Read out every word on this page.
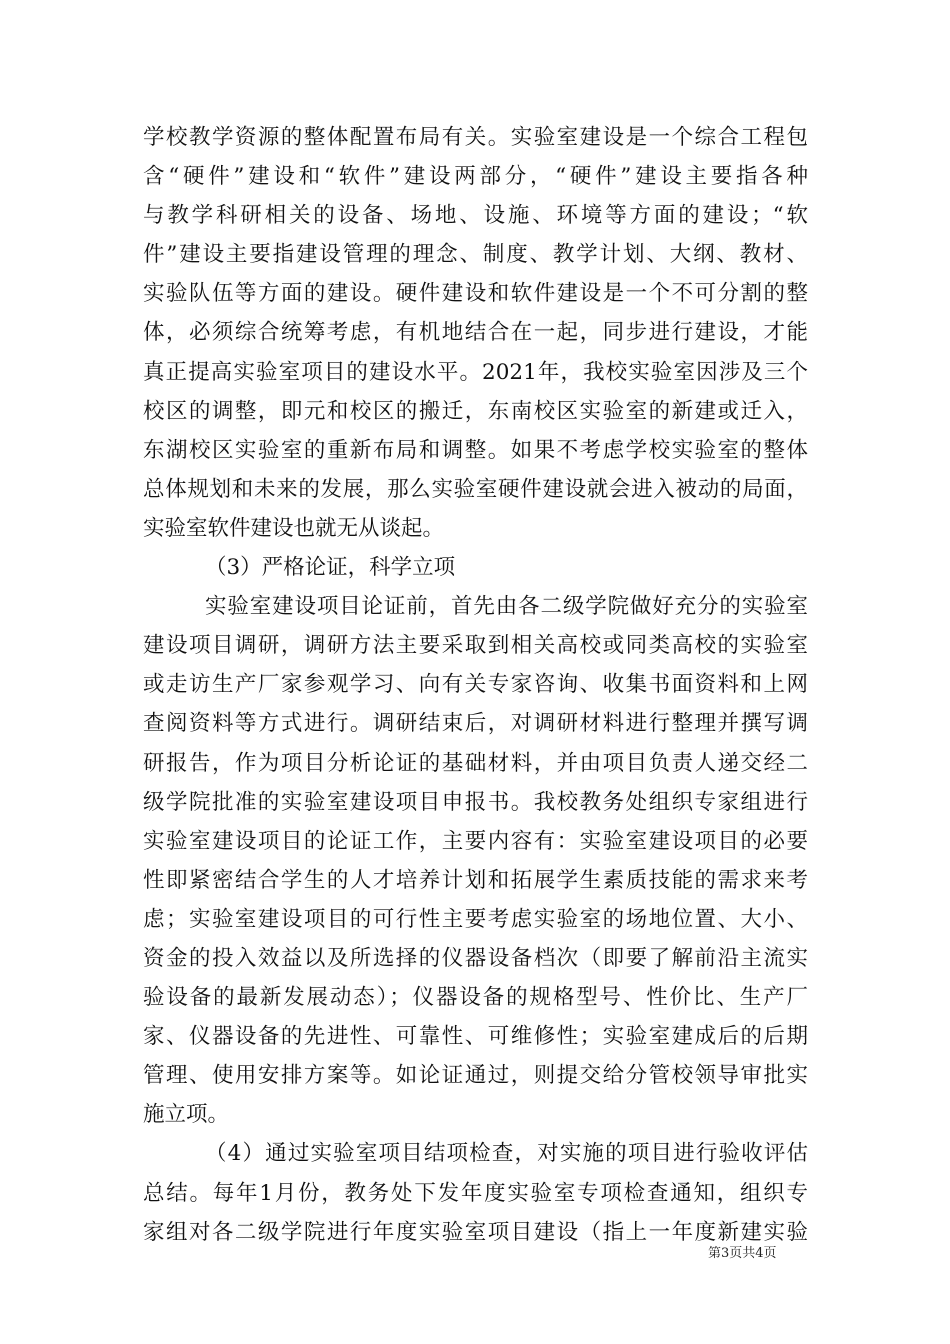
学校教学资源的整体配置布局有关。实验室建设是一个综合工程包
含“硬件”建设和“软件”建设两部分，“硬件”建设主要指各种
与教学科研相关的设备、场地、设施、环境等方面的建设；“软
件”建设主要指建设管理的理念、制度、教学计划、大纲、教材、
实验队伍等方面的建设。硬件建设和软件建设是一个不可分割的整
体，必须综合统筹考虑，有机地结合在一起，同步进行建设，才能
真正提高实验室项目的建设水平。2021年，我校实验室因涉及三个
校区的调整，即元和校区的搬迁，东南校区实验室的新建或迁入，
东湖校区实验室的重新布局和调整。如果不考虑学校实验室的整体
总体规划和未来的发展，那么实验室硬件建设就会进入被动的局面，
实验室软件建设也就无从谈起。
（3）严格论证，科学立项
实验室建设项目论证前，首先由各二级学院做好充分的实验室
建设项目调研，调研方法主要采取到相关高校或同类高校的实验室
或走访生产厂家参观学习、向有关专家咨询、收集书面资料和上网
查阅资料等方式进行。调研结束后，对调研材料进行整理并撰写调
研报告，作为项目分析论证的基础材料，并由项目负责人递交经二
级学院批准的实验室建设项目申报书。我校教务处组织专家组进行
实验室建设项目的论证工作，主要内容有：实验室建设项目的必要
性即紧密结合学生的人才培养计划和拓展学生素质技能的需求来考
虑；实验室建设项目的可行性主要考虑实验室的场地位置、大小、
资金的投入效益以及所选择的仪器设备档次（即要了解前沿主流实
验设备的最新发展动态）；仪器设备的规格型号、性价比、生产厂
家、仪器设备的先进性、可靠性、可维修性；实验室建成后的后期
管理、使用安排方案等。如论证通过，则提交给分管校领导审批实
施立项。
（4）通过实验室项目结项检查，对实施的项目进行验收评估
总结。每年1月份，教务处下发年度实验室专项检查通知，组织专
家组对各二级学院进行年度实验室项目建设（指上一年度新建实验
第3页共4页
